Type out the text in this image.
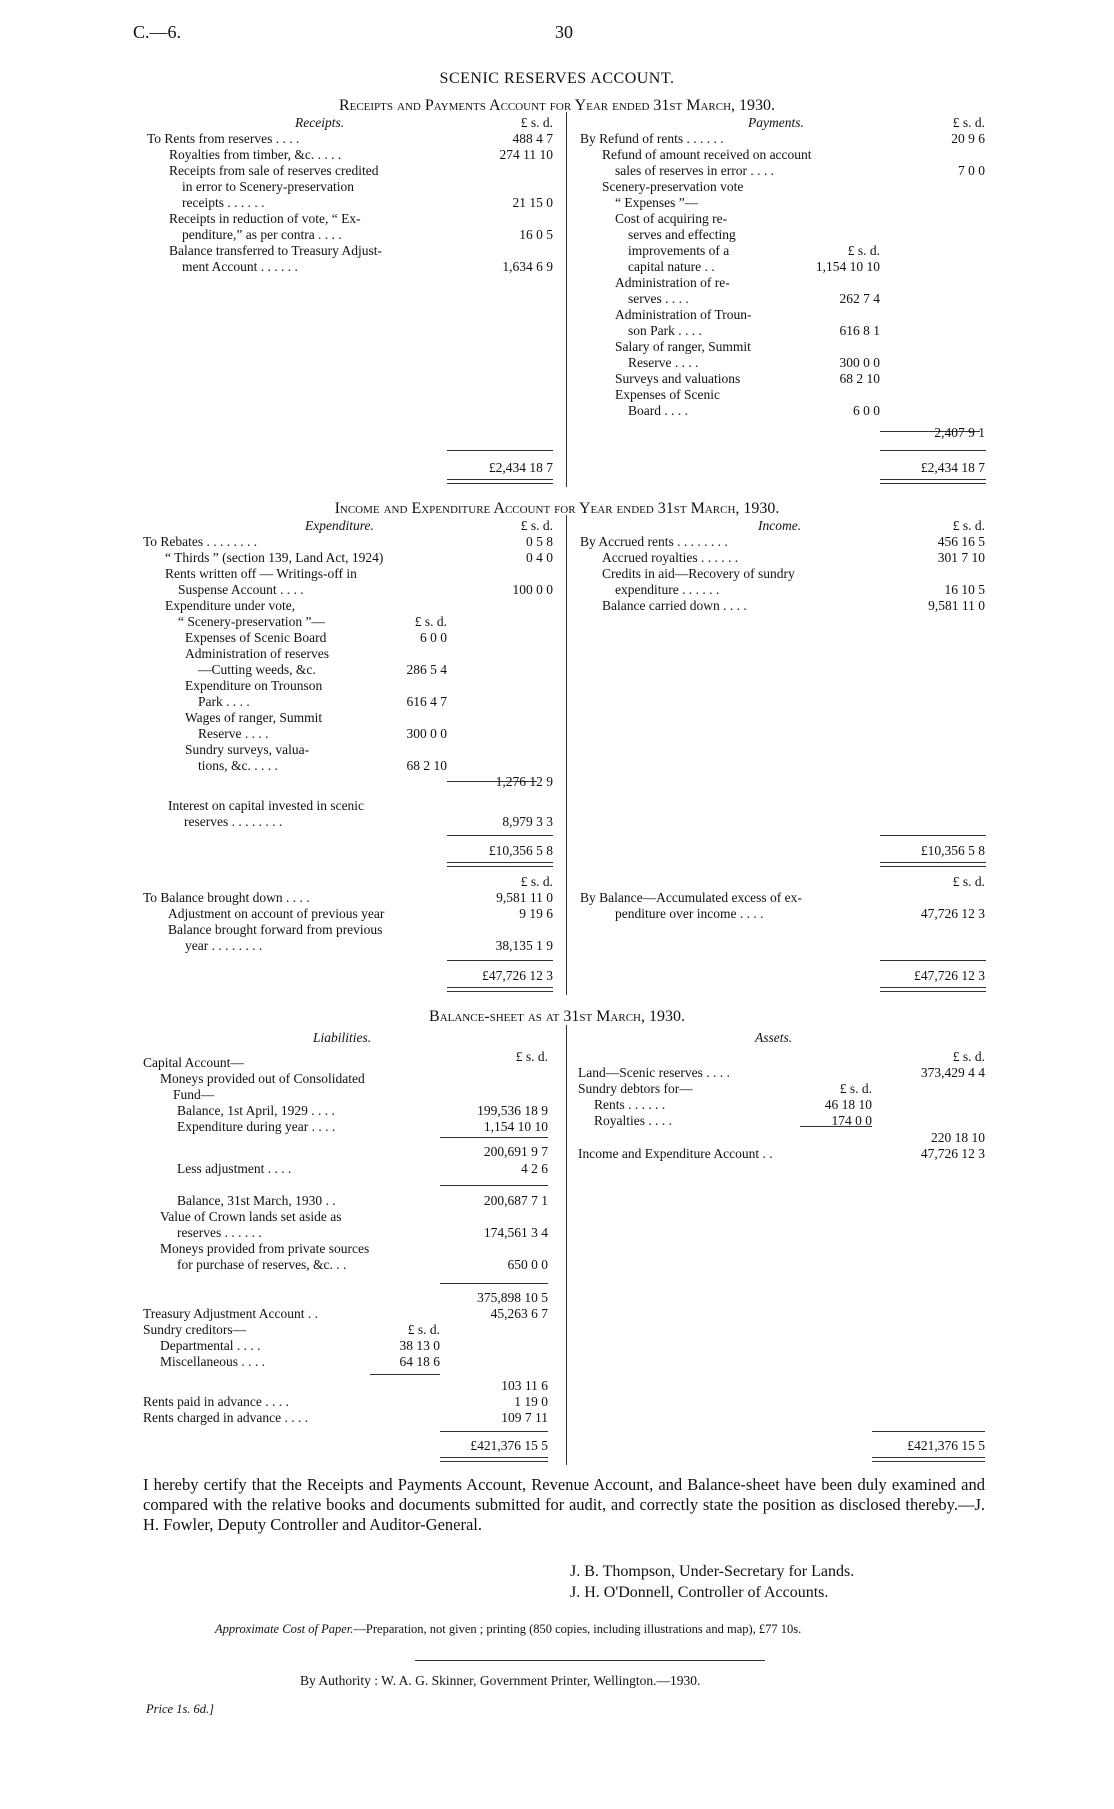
C.—6.	30
SCENIC RESERVES ACCOUNT.
Receipts and Payments Account for Year ended 31st March, 1930.
Receipts.	£ s. d.
To Rents from reserves . . . .	488 4 7
Royalties from timber, &c. . . . .	274 11 10
Receipts from sale of reserves credited
in error to Scenery-preservation
receipts . . . . . .	21 15 0
Receipts in reduction of vote, “ Ex-
penditure,” as per contra . . . .	16 0 5
Balance transferred to Treasury Adjust-
ment Account . . . . . .	1,634 6 9
£2,434 18 7
Payments.	£ s. d.
By Refund of rents . . . . . .	20 9 6
Refund of amount received on account
sales of reserves in error . . . .	7 0 0
Scenery-preservation vote
“ Expenses ”—
Cost of acquiring re-
serves and effecting
improvements of a	£ s. d.
capital nature . .	1,154 10 10
Administration of re-
serves . . . .	262 7 4
Administration of Troun-
son Park . . . .	616 8 1
Salary of ranger, Summit
Reserve . . . .	300 0 0
Surveys and valuations	68 2 10
Expenses of Scenic
Board . . . .	6 0 0
2,407 9 1
£2,434 18 7
Income and Expenditure Account for Year ended 31st March, 1930.
Expenditure.	£ s. d.
To Rebates . . . . . . . .	0 5 8
“ Thirds ” (section 139, Land Act, 1924)	0 4 0
Rents written off — Writings-off in
Suspense Account . . . .	100 0 0
Expenditure under vote,
“ Scenery-preservation ”—	£ s. d.
Expenses of Scenic Board	6 0 0
Administration of reserves
—Cutting weeds, &c.	286 5 4
Expenditure on Trounson
Park . . . .	616 4 7
Wages of ranger, Summit
Reserve . . . .	300 0 0
Sundry surveys, valua-
tions, &c. . . . .	68 2 10
1,276 12 9
Interest on capital invested in scenic
reserves . . . . . . . .	8,979 3 3
£10,356 5 8
£ s. d.
To Balance brought down . . . .	9,581 11 0
Adjustment on account of previous year	9 19 6
Balance brought forward from previous
year . . . . . . . .	38,135 1 9
£47,726 12 3
Income.	£ s. d.
By Accrued rents . . . . . . . .	456 16 5
Accrued royalties . . . . . .	301 7 10
Credits in aid—Recovery of sundry
expenditure . . . . . .	16 10 5
Balance carried down . . . .	9,581 11 0
£10,356 5 8
£ s. d.
By Balance—Accumulated excess of ex-
penditure over income . . . .	47,726 12 3
£47,726 12 3
Balance-sheet as at 31st March, 1930.
Liabilities.
£ s. d.
Capital Account—
Moneys provided out of Consolidated
Fund—
Balance, 1st April, 1929 . . . .	199,536 18 9
Expenditure during year . . . .	1,154 10 10
200,691 9 7
Less adjustment . . . .	4 2 6
Balance, 31st March, 1930 . .	200,687 7 1
Value of Crown lands set aside as
reserves . . . . . .	174,561 3 4
Moneys provided from private sources
for purchase of reserves, &c. . .	650 0 0
375,898 10 5
Treasury Adjustment Account . .	45,263 6 7
Sundry creditors—	£ s. d.
Departmental . . . .	38 13 0
Miscellaneous . . . .	64 18 6
103 11 6
Rents paid in advance . . . .	1 19 0
Rents charged in advance . . . .	109 7 11
£421,376 15 5
Assets.
£ s. d.
Land—Scenic reserves . . . .	373,429 4 4
Sundry debtors for—	£ s. d.
Rents . . . . . .	46 18 10
Royalties . . . .	174 0 0
220 18 10
Income and Expenditure Account . .	47,726 12 3
£421,376 15 5
I hereby certify that the Receipts and Payments Account, Revenue Account, and Balance-sheet have been duly examined and compared with the relative books and documents submitted for audit, and correctly state the position as disclosed thereby.—J. H. Fowler, Deputy Controller and Auditor-General.
J. B. Thompson, Under-Secretary for Lands.
J. H. O'Donnell, Controller of Accounts.
Approximate Cost of Paper.—Preparation, not given ; printing (850 copies, including illustrations and map), £77 10s.
By Authority : W. A. G. Skinner, Government Printer, Wellington.—1930.
Price 1s. 6d.]
